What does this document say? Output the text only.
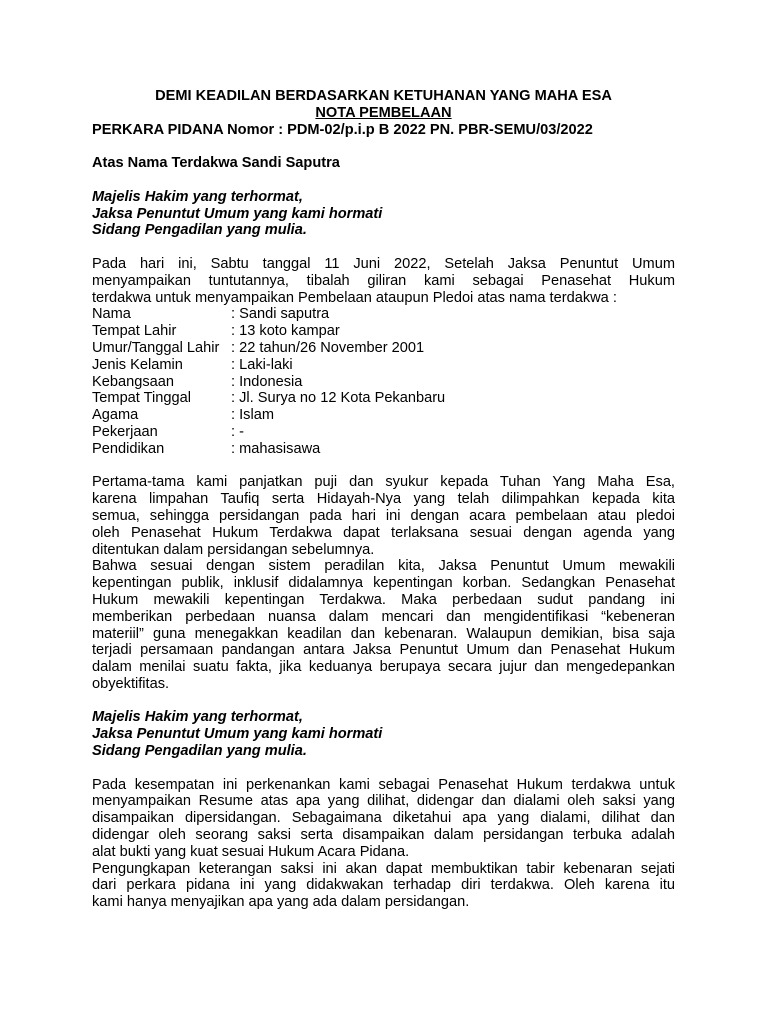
DEMI KEADILAN BERDASARKAN KETUHANAN YANG MAHA ESA
NOTA PEMBELAAN
PERKARA PIDANA Nomor : PDM-02/p.i.p B 2022 PN. PBR-SEMU/03/2022
Atas Nama Terdakwa Sandi Saputra
Majelis Hakim yang terhormat,
Jaksa Penuntut Umum yang kami hormati
Sidang Pengadilan yang mulia.
Pada hari ini, Sabtu tanggal 11 Juni 2022, Setelah Jaksa Penuntut Umum
menyampaikan tuntutannya, tibalah giliran kami sebagai Penasehat Hukum
terdakwa untuk menyampaikan Pembelaan ataupun Pledoi atas nama terdakwa :
Nama	: Sandi saputra
Tempat Lahir	: 13 koto kampar
Umur/Tanggal Lahir : 22 tahun/26 November 2001
Jenis Kelamin	: Laki-laki
Kebangsaan	: Indonesia
Tempat Tinggal	: Jl. Surya no 12 Kota Pekanbaru
Agama	: Islam
Pekerjaan	: -
Pendidikan	: mahasisawa
Pertama-tama kami panjatkan puji dan syukur kepada Tuhan Yang Maha Esa,
karena limpahan Taufiq serta Hidayah-Nya yang telah dilimpahkan kepada kita
semua, sehingga persidangan pada hari ini dengan acara pembelaan atau pledoi
oleh Penasehat Hukum Terdakwa dapat terlaksana sesuai dengan agenda yang
ditentukan dalam persidangan sebelumnya.
Bahwa sesuai dengan sistem peradilan kita, Jaksa Penuntut Umum mewakili
kepentingan publik, inklusif didalamnya kepentingan korban. Sedangkan Penasehat
Hukum mewakili kepentingan Terdakwa. Maka perbedaan sudut pandang ini
memberikan perbedaan nuansa dalam mencari dan mengidentifikasi “kebeneran
materiil” guna menegakkan keadilan dan kebenaran. Walaupun demikian, bisa saja
terjadi persamaan pandangan antara Jaksa Penuntut Umum dan Penasehat Hukum
dalam menilai suatu fakta, jika keduanya berupaya secara jujur dan mengedepankan
obyektifitas.
Majelis Hakim yang terhormat,
Jaksa Penuntut Umum yang kami hormati
Sidang Pengadilan yang mulia.
Pada kesempatan ini perkenankan kami sebagai Penasehat Hukum terdakwa untuk
menyampaikan Resume atas apa yang dilihat, didengar dan dialami oleh saksi yang
disampaikan dipersidangan. Sebagaimana diketahui apa yang dialami, dilihat dan
didengar oleh seorang saksi serta disampaikan dalam persidangan terbuka adalah
alat bukti yang kuat sesuai Hukum Acara Pidana.
Pengungkapan keterangan saksi ini akan dapat membuktikan tabir kebenaran sejati
dari perkara pidana ini yang didakwakan terhadap diri terdakwa. Oleh karena itu
kami hanya menyajikan apa yang ada dalam persidangan.
